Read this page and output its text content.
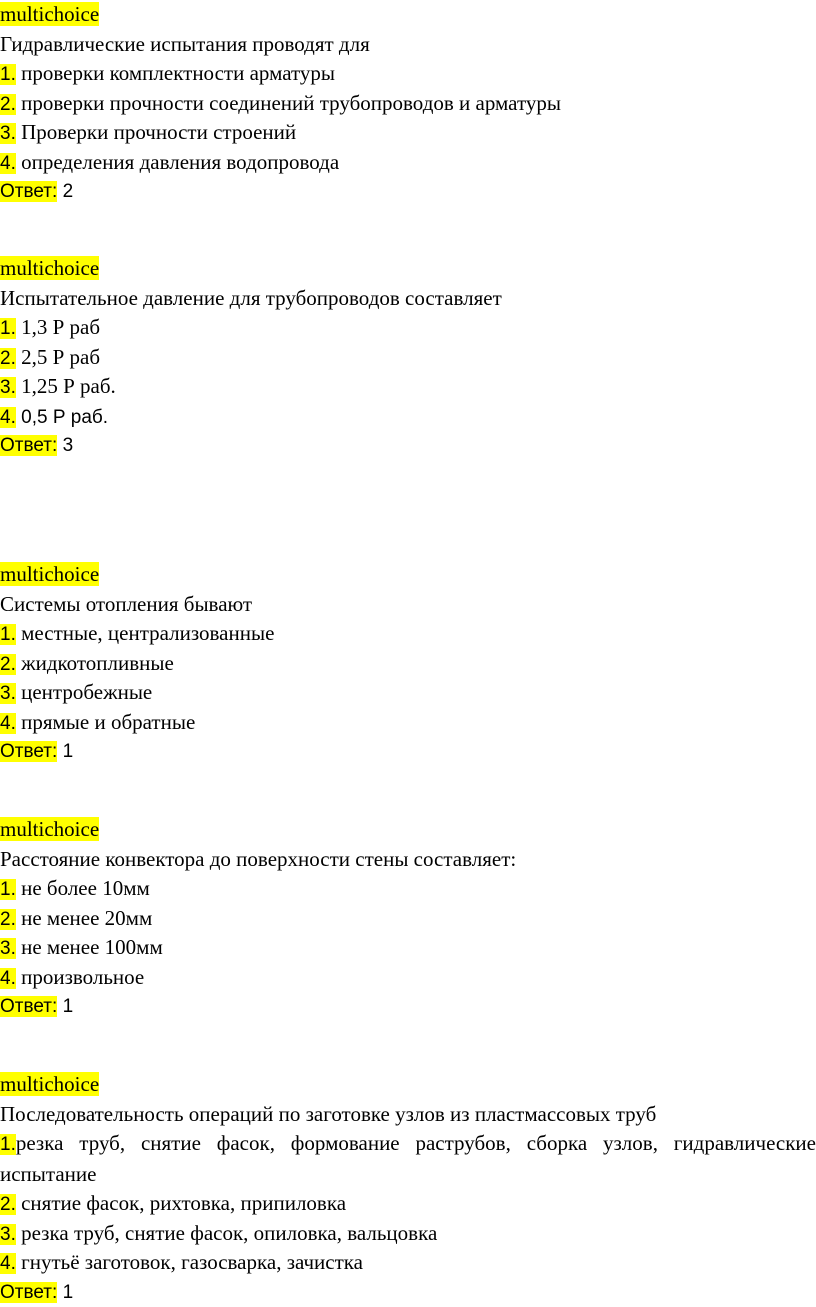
multichoice
Гидравлические испытания проводят для
1. проверки комплектности арматуры
2. проверки прочности соединений трубопроводов и арматуры
3. Проверки прочности строений
4. определения давления водопровода
Ответ: 2
multichoice
Испытательное давление для трубопроводов составляет
1. 1,3 Р раб
2. 2,5 Р раб
3. 1,25 Р раб.
4. 0,5 Р раб.
Ответ: 3
multichoice
Системы отопления бывают
1. местные, централизованные
2. жидкотопливные
3. центробежные
4. прямые и обратные
Ответ: 1
multichoice
Расстояние конвектора до поверхности стены составляет:
1. не более 10мм
2. не менее 20мм
3. не менее 100мм
4. произвольное
Ответ: 1
multichoice
Последовательность операций по заготовке узлов из пластмассовых труб
1.резка труб, снятие фасок, формование раструбов, сборка узлов, гидравлические испытание
2. снятие фасок, рихтовка, припиловка
3. резка труб, снятие фасок, опиловка, вальцовка
4. гнутьё заготовок, газосварка, зачистка
Ответ: 1
